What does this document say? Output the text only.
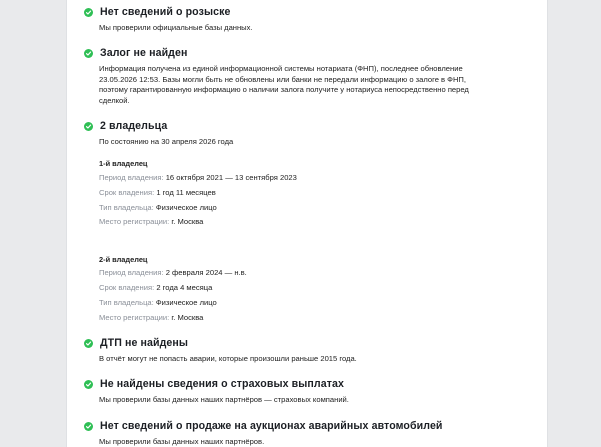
Нет сведений о розыске
Мы проверили официальные базы данных.
Залог не найден
Информация получена из единой информационной системы нотариата (ФНП), последнее обновление 23.05.2026 12:53. Базы могли быть не обновлены или банки не передали информацию о залоге в ФНП, поэтому гарантированную информацию о наличии залога получите у нотариуса непосредственно перед сделкой.
2 владельца
По состоянию на 30 апреля 2026 года
1-й владелец
Период владения: 16 октября 2021 — 13 сентября 2023
Срок владения: 1 год 11 месяцев
Тип владельца: Физическое лицо
Место регистрации: г. Москва
2-й владелец
Период владения: 2 февраля 2024 — н.в.
Срок владения: 2 года 4 месяца
Тип владельца: Физическое лицо
Место регистрации: г. Москва
ДТП не найдены
В отчёт могут не попасть аварии, которые произошли раньше 2015 года.
Не найдены сведения о страховых выплатах
Мы проверили базы данных наших партнёров — страховых компаний.
Нет сведений о продаже на аукционах аварийных автомобилей
Мы проверили базы данных наших партнёров.
